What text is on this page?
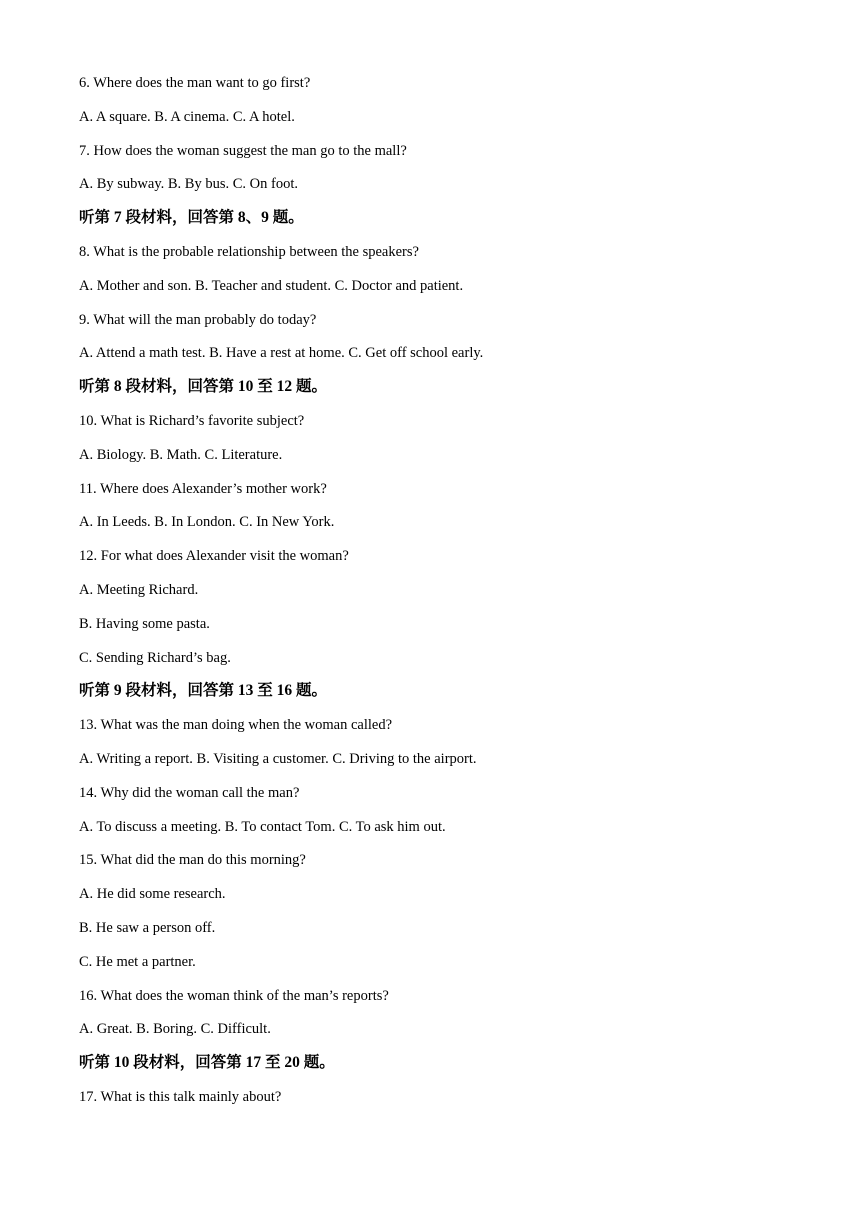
6. Where does the man want to go first?
A. A square. B. A cinema. C. A hotel.
7. How does the woman suggest the man go to the mall?
A. By subway. B. By bus. C. On foot.
听第 7 段材料，回答第 8、9 题。
8. What is the probable relationship between the speakers?
A. Mother and son. B. Teacher and student. C. Doctor and patient.
9. What will the man probably do today?
A. Attend a math test. B. Have a rest at home. C. Get off school early.
听第 8 段材料，回答第 10 至 12 题。
10. What is Richard’s favorite subject?
A. Biology. B. Math. C. Literature.
11. Where does Alexander’s mother work?
A. In Leeds. B. In London. C. In New York.
12. For what does Alexander visit the woman?
A. Meeting Richard.
B. Having some pasta.
C. Sending Richard’s bag.
听第 9 段材料，回答第 13 至 16 题。
13. What was the man doing when the woman called?
A. Writing a report. B. Visiting a customer. C. Driving to the airport.
14. Why did the woman call the man?
A. To discuss a meeting. B. To contact Tom. C. To ask him out.
15. What did the man do this morning?
A. He did some research.
B. He saw a person off.
C. He met a partner.
16. What does the woman think of the man’s reports?
A. Great. B. Boring. C. Difficult.
听第 10 段材料，回答第 17 至 20 题。
17. What is this talk mainly about?
